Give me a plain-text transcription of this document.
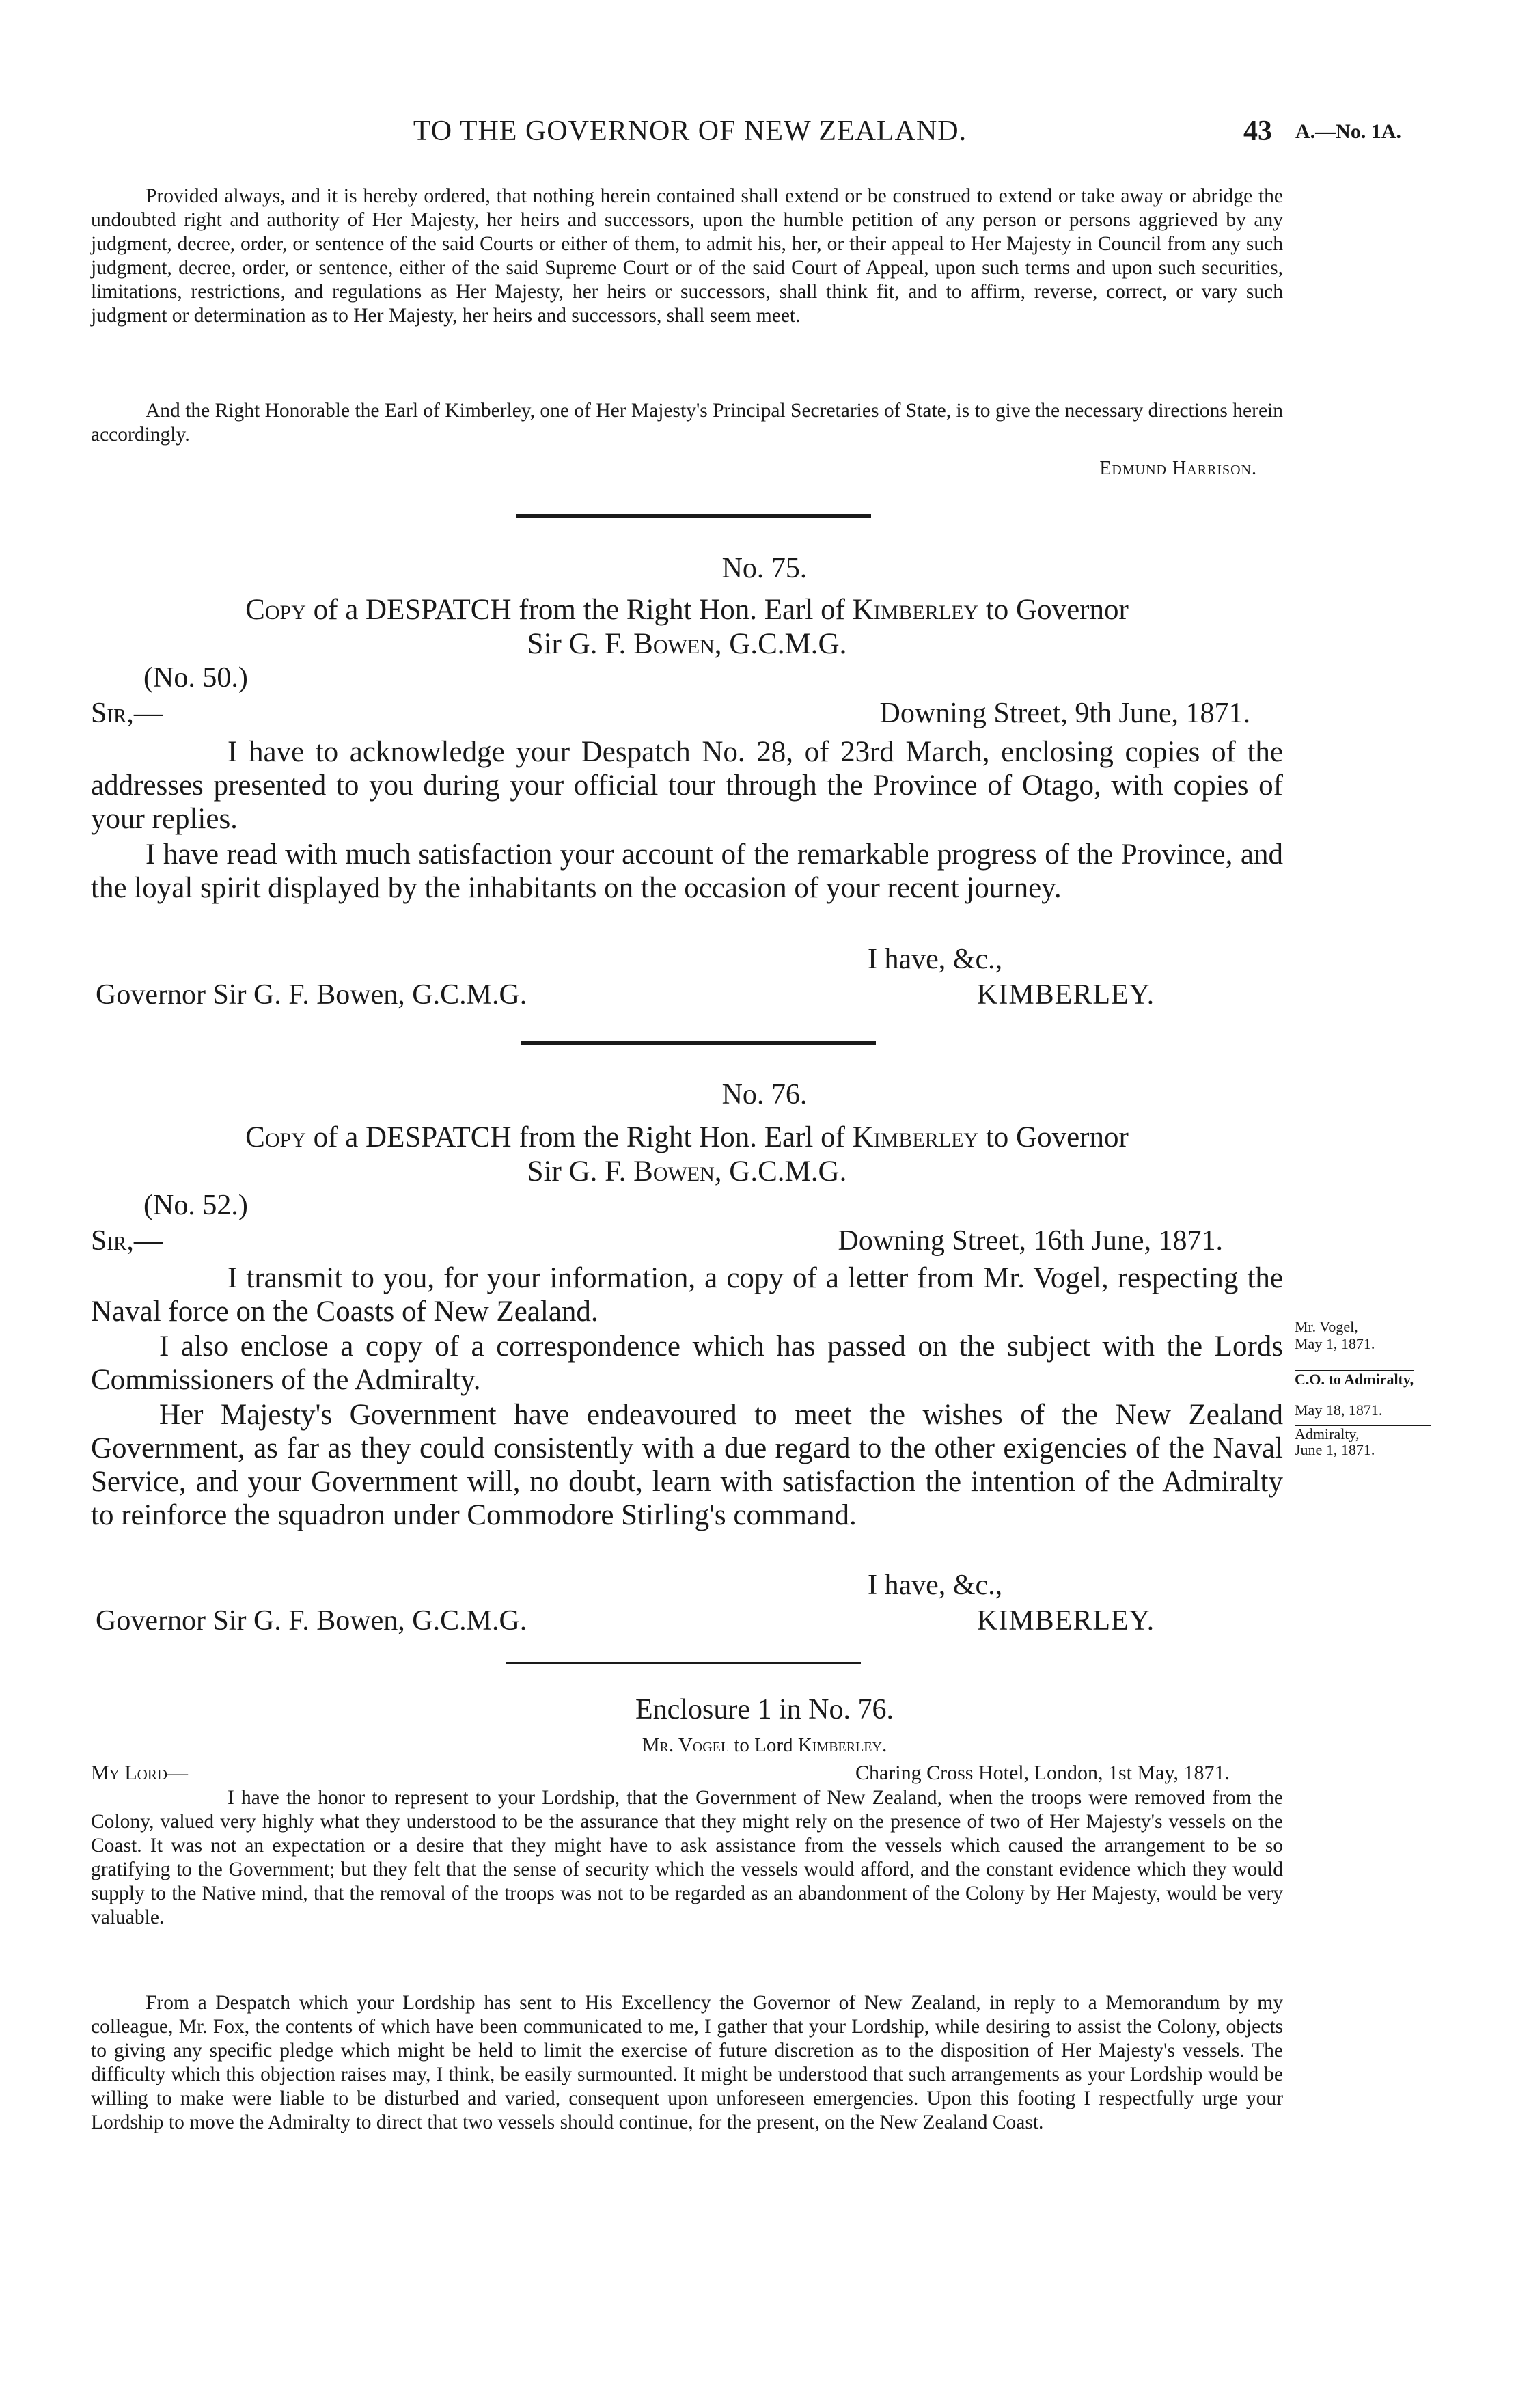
TO THE GOVERNOR OF NEW ZEALAND.	43 A.—No. 1A.
Provided always, and it is hereby ordered, that nothing herein contained shall extend or be construed to extend or take away or abridge the undoubted right and authority of Her Majesty, her heirs and successors, upon the humble petition of any person or persons aggrieved by any judgment, decree, order, or sentence of the said Courts or either of them, to admit his, her, or their appeal to Her Majesty in Council from any such judgment, decree, order, or sentence, either of the said Supreme Court or of the said Court of Appeal, upon such terms and upon such securities, limitations, restrictions, and regulations as Her Majesty, her heirs or successors, shall think fit, and to affirm, reverse, correct, or vary such judgment or determination as to Her Majesty, her heirs and successors, shall seem meet.
And the Right Honorable the Earl of Kimberley, one of Her Majesty's Principal Secretaries of State, is to give the necessary directions herein accordingly.
Edmund Harrison.
No. 75.
Copy of a DESPATCH from the Right Hon. Earl of Kimberley to Governor
Sir G. F. Bowen, G.C.M.G.
(No. 50.)
Sir,—	Downing Street, 9th June, 1871.
I have to acknowledge your Despatch No. 28, of 23rd March, enclosing copies of the addresses presented to you during your official tour through the Province of Otago, with copies of your replies.
I have read with much satisfaction your account of the remarkable progress of the Province, and the loyal spirit displayed by the inhabitants on the occasion of your recent journey.
I have, &c.,
Governor Sir G. F. Bowen, G.C.M.G.	KIMBERLEY.
No. 76.
Copy of a DESPATCH from the Right Hon. Earl of Kimberley to Governor
Sir G. F. Bowen, G.C.M.G.
(No. 52.)
Sir,—	Downing Street, 16th June, 1871.
I transmit to you, for your information, a copy of a letter from Mr. Vogel, respecting the Naval force on the Coasts of New Zealand.
I also enclose a copy of a correspondence which has passed on the subject with the Lords Commissioners of the Admiralty.
Her Majesty's Government have endeavoured to meet the wishes of the New Zealand Government, as far as they could consistently with a due regard to the other exigencies of the Naval Service, and your Government will, no doubt, learn with satisfaction the intention of the Admiralty to reinforce the squadron under Commodore Stirling's command.
I have, &c.,
Governor Sir G. F. Bowen, G.C.M.G.	KIMBERLEY.
Mr. Vogel,
May 1, 1871.
C.O. to Admiralty,
May 18, 1871.
Admiralty,
June 1, 1871.
Enclosure 1 in No. 76.
Mr. Vogel to Lord Kimberley.
My Lord—	Charing Cross Hotel, London, 1st May, 1871.
I have the honor to represent to your Lordship, that the Government of New Zealand, when the troops were removed from the Colony, valued very highly what they understood to be the assurance that they might rely on the presence of two of Her Majesty's vessels on the Coast. It was not an expectation or a desire that they might have to ask assistance from the vessels which caused the arrangement to be so gratifying to the Government; but they felt that the sense of security which the vessels would afford, and the constant evidence which they would supply to the Native mind, that the removal of the troops was not to be regarded as an abandonment of the Colony by Her Majesty, would be very valuable.
From a Despatch which your Lordship has sent to His Excellency the Governor of New Zealand, in reply to a Memorandum by my colleague, Mr. Fox, the contents of which have been communicated to me, I gather that your Lordship, while desiring to assist the Colony, objects to giving any specific pledge which might be held to limit the exercise of future discretion as to the disposition of Her Majesty's vessels. The difficulty which this objection raises may, I think, be easily surmounted. It might be understood that such arrangements as your Lordship would be willing to make were liable to be disturbed and varied, consequent upon unforeseen emergencies. Upon this footing I respectfully urge your Lordship to move the Admiralty to direct that two vessels should continue, for the present, on the New Zealand Coast.
